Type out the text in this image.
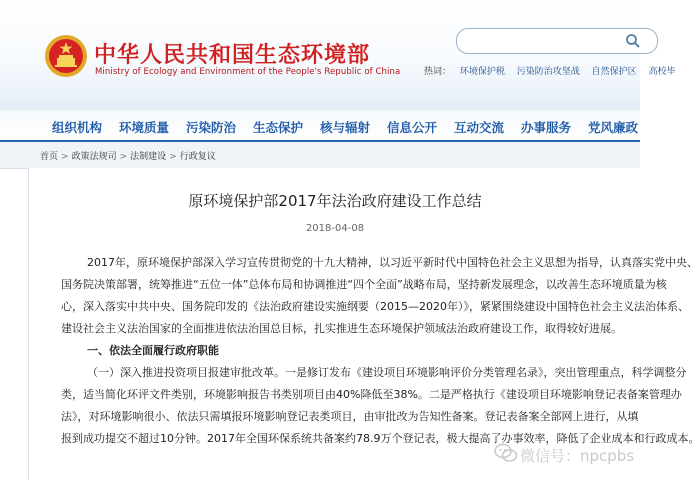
中华人民共和国生态环境部
Ministry of Ecology and Environment of the People's Republic of China	热词： 环境保护税 污染防治攻坚战 自然保护区 高校毕
组织机构 环境质量 污染防治 生态保护 核与辐射 信息公开 互动交流 办事服务 党风廉政
首页 > 政策法规司 > 法制建设 > 行政复议
原环境保护部2017年法治政府建设工作总结
2018-04-08
2017年，原环境保护部深入学习宣传贯彻党的十九大精神，以习近平新时代中国特色社会主义思想为指导，认真落实党中央、
国务院决策部署，统筹推进“五位一体”总体布局和协调推进“四个全面”战略布局，坚持新发展理念，以改善生态环境质量为核
心，深入落实中共中央、国务院印发的《法治政府建设实施纲要（2015—2020年）》，紧紧围绕建设中国特色社会主义法治体系、
建设社会主义法治国家的全面推进依法治国总目标，扎实推进生态环境保护领域法治政府建设工作，取得较好进展。
一、依法全面履行政府职能
（一）深入推进投资项目报建审批改革。一是修订发布《建设项目环境影响评价分类管理名录》，突出管理重点，科学调整分
类，适当简化环评文件类别，环境影响报告书类别项目由40%降低至38%。二是严格执行《建设项目环境影响登记表备案管理办
法》，对环境影响很小、依法只需填报环境影响登记表类项目，由审批改为告知性备案。登记表备案全部网上进行，从填
报到成功提交不超过10分钟。2017年全国环保系统共备案约78.9万个登记表，极大提高了办事效率，降低了企业成本和行政成本。
微信号：npcpbs
